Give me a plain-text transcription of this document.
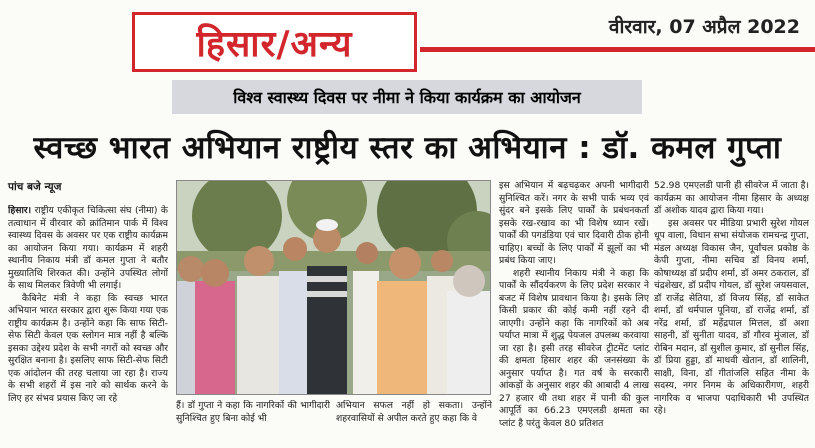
हिसार/अन्य	वीरवार, 07 अप्रैल 2022
विश्व स्वास्थ्य दिवस पर नीमा ने किया कार्यक्रम का आयोजन
स्वच्छ भारत अभियान राष्ट्रीय स्तर का अभियान : डॉ. कमल गुप्ता
पांच बजे न्यूज

हिसार। राष्ट्रीय एकीकृत चिकित्सा संघ (नीमा) के तत्वाधान में वीरवार को क्रांतिमान पार्क में विश्व स्वास्थ्य दिवस के अवसर पर एक राष्ट्रीय कार्यक्रम का आयोजन किया गया। कार्यक्रम में शहरी स्थानीय निकाय मंत्री डॉ कमल गुप्ता ने बतौर मुख्यातिथि शिरकत की। उन्होंने उपस्थित लोगों के साथ मिलकर त्रिवेणी भी लगाई।

कैबिनेट मंत्री ने कहा कि स्वच्छ भारत अभियान भारत सरकार द्वारा शुरू किया गया एक राष्ट्रीय कार्यक्रम है। उन्होंने कहा कि साफ सिटी-सेफ सिटी केवल एक स्लोगन मात्र नहीं है बल्कि इसका उद्देश्य प्रदेश के सभी नगरों को स्वच्छ और सुरक्षित बनाना है। इसलिए साफ सिटी-सेफ सिटी एक आंदोलन की तरह चलाया जा रहा है। राज्य के सभी शहरों में इस नारे को सार्थक करने के लिए हर संभव प्रयास किए जा रहे

हैं। डॉ गुप्ता ने कहा कि नागरिकों की भागीदारी सुनिश्चित हुए बिना कोई भी

अभियान सफल नहीं हो सकता। उन्होंने शहरवासियों से अपील करते हुए कहा कि वे

इस अभियान में बढ़चढ़कर अपनी भागीदारी सुनिश्चित करें। नगर के सभी पार्क भव्य एवं सुंदर बने इसके लिए पार्कों के प्रबंधनकर्ता इसके रख-रखाव का भी विशेष ध्यान रखें। पार्कों की पगडंडिया एवं चार दिवारी ठीक होनी चाहिए। बच्चों के लिए पार्कों में झूलों का भी प्रबंध किया जाए।

शहरी स्थानीय निकाय मंत्री ने कहा कि पार्कों के सौंदर्यकरण के लिए प्रदेश सरकार ने बजट में विशेष प्रावधान किया है। इसके लिए किसी प्रकार की कोई कमी नहीं रहने दी जाएगी। उन्होंने कहा कि नागरिकों को अब पर्याप्त मात्रा में शुद्ध पेयजल उपलब्ध करवाया जा रहा है। इसी तरह सीवरेज ट्रीटमेंट प्लांट की क्षमता हिसार शहर की जनसंख्या के अनुसार पर्याप्त है। गत वर्ष के सरकारी आंकड़ों के अनुसार शहर की आबादी 4 लाख 27 हजार थी तथा शहर में पानी की कुल आपूर्ति का 66.23 एमएलडी क्षमता का प्लांट है परंतु केवल 80 प्रतिशत

52.98 एमएलडी पानी ही सीवरेज में जाता है। कार्यक्रम का आयोजन नीमा हिसार के अध्यक्ष डॉ अशोक यादव द्वारा किया गया।

इस अवसर पर मीडिया प्रभारी सुरेश गोयल धूप वाला, विधान सभा संयोजक रामचन्द्र गुप्ता, मंडल अध्यक्ष विकास जैन, पूर्वांचल प्रकोष्ठ के केपी गुप्ता, नीमा सचिव डॉ विनय शर्मा, कोषाध्यक्ष डॉ प्रदीप शर्मा, डॉ अमर ठकराल, डॉ चंद्रशेखर, डॉ प्रदीप गोयल, डॉ सुरेश जयसवाल, डॉ राजेंद्र सेतिया, डॉ विजय सिंह, डॉ साकेत शर्मा, डॉ धर्मपाल पूनिया, डॉ राजेंद्र शर्मा, डॉ नरेंद्र शर्मा, डॉ महेंद्रपाल मित्तल, डॉ अशा साहनी, डॉ सुनीता यादव, डॉ गौरव मुंजाल, डॉ रोबिन मदान, डॉ सुशील कुमार, डॉ सुनील सिंह, डॉ प्रिया हुड्डा, डॉ माधवी खेतान, डॉ शालिनी, साक्षी, विना, डॉ गीतांजलि सहित नीमा के सदस्य, नगर निगम के अधिकारीगण, शहरी नागरिक व भाजपा पदाधिकारी भी उपस्थित रहे।
